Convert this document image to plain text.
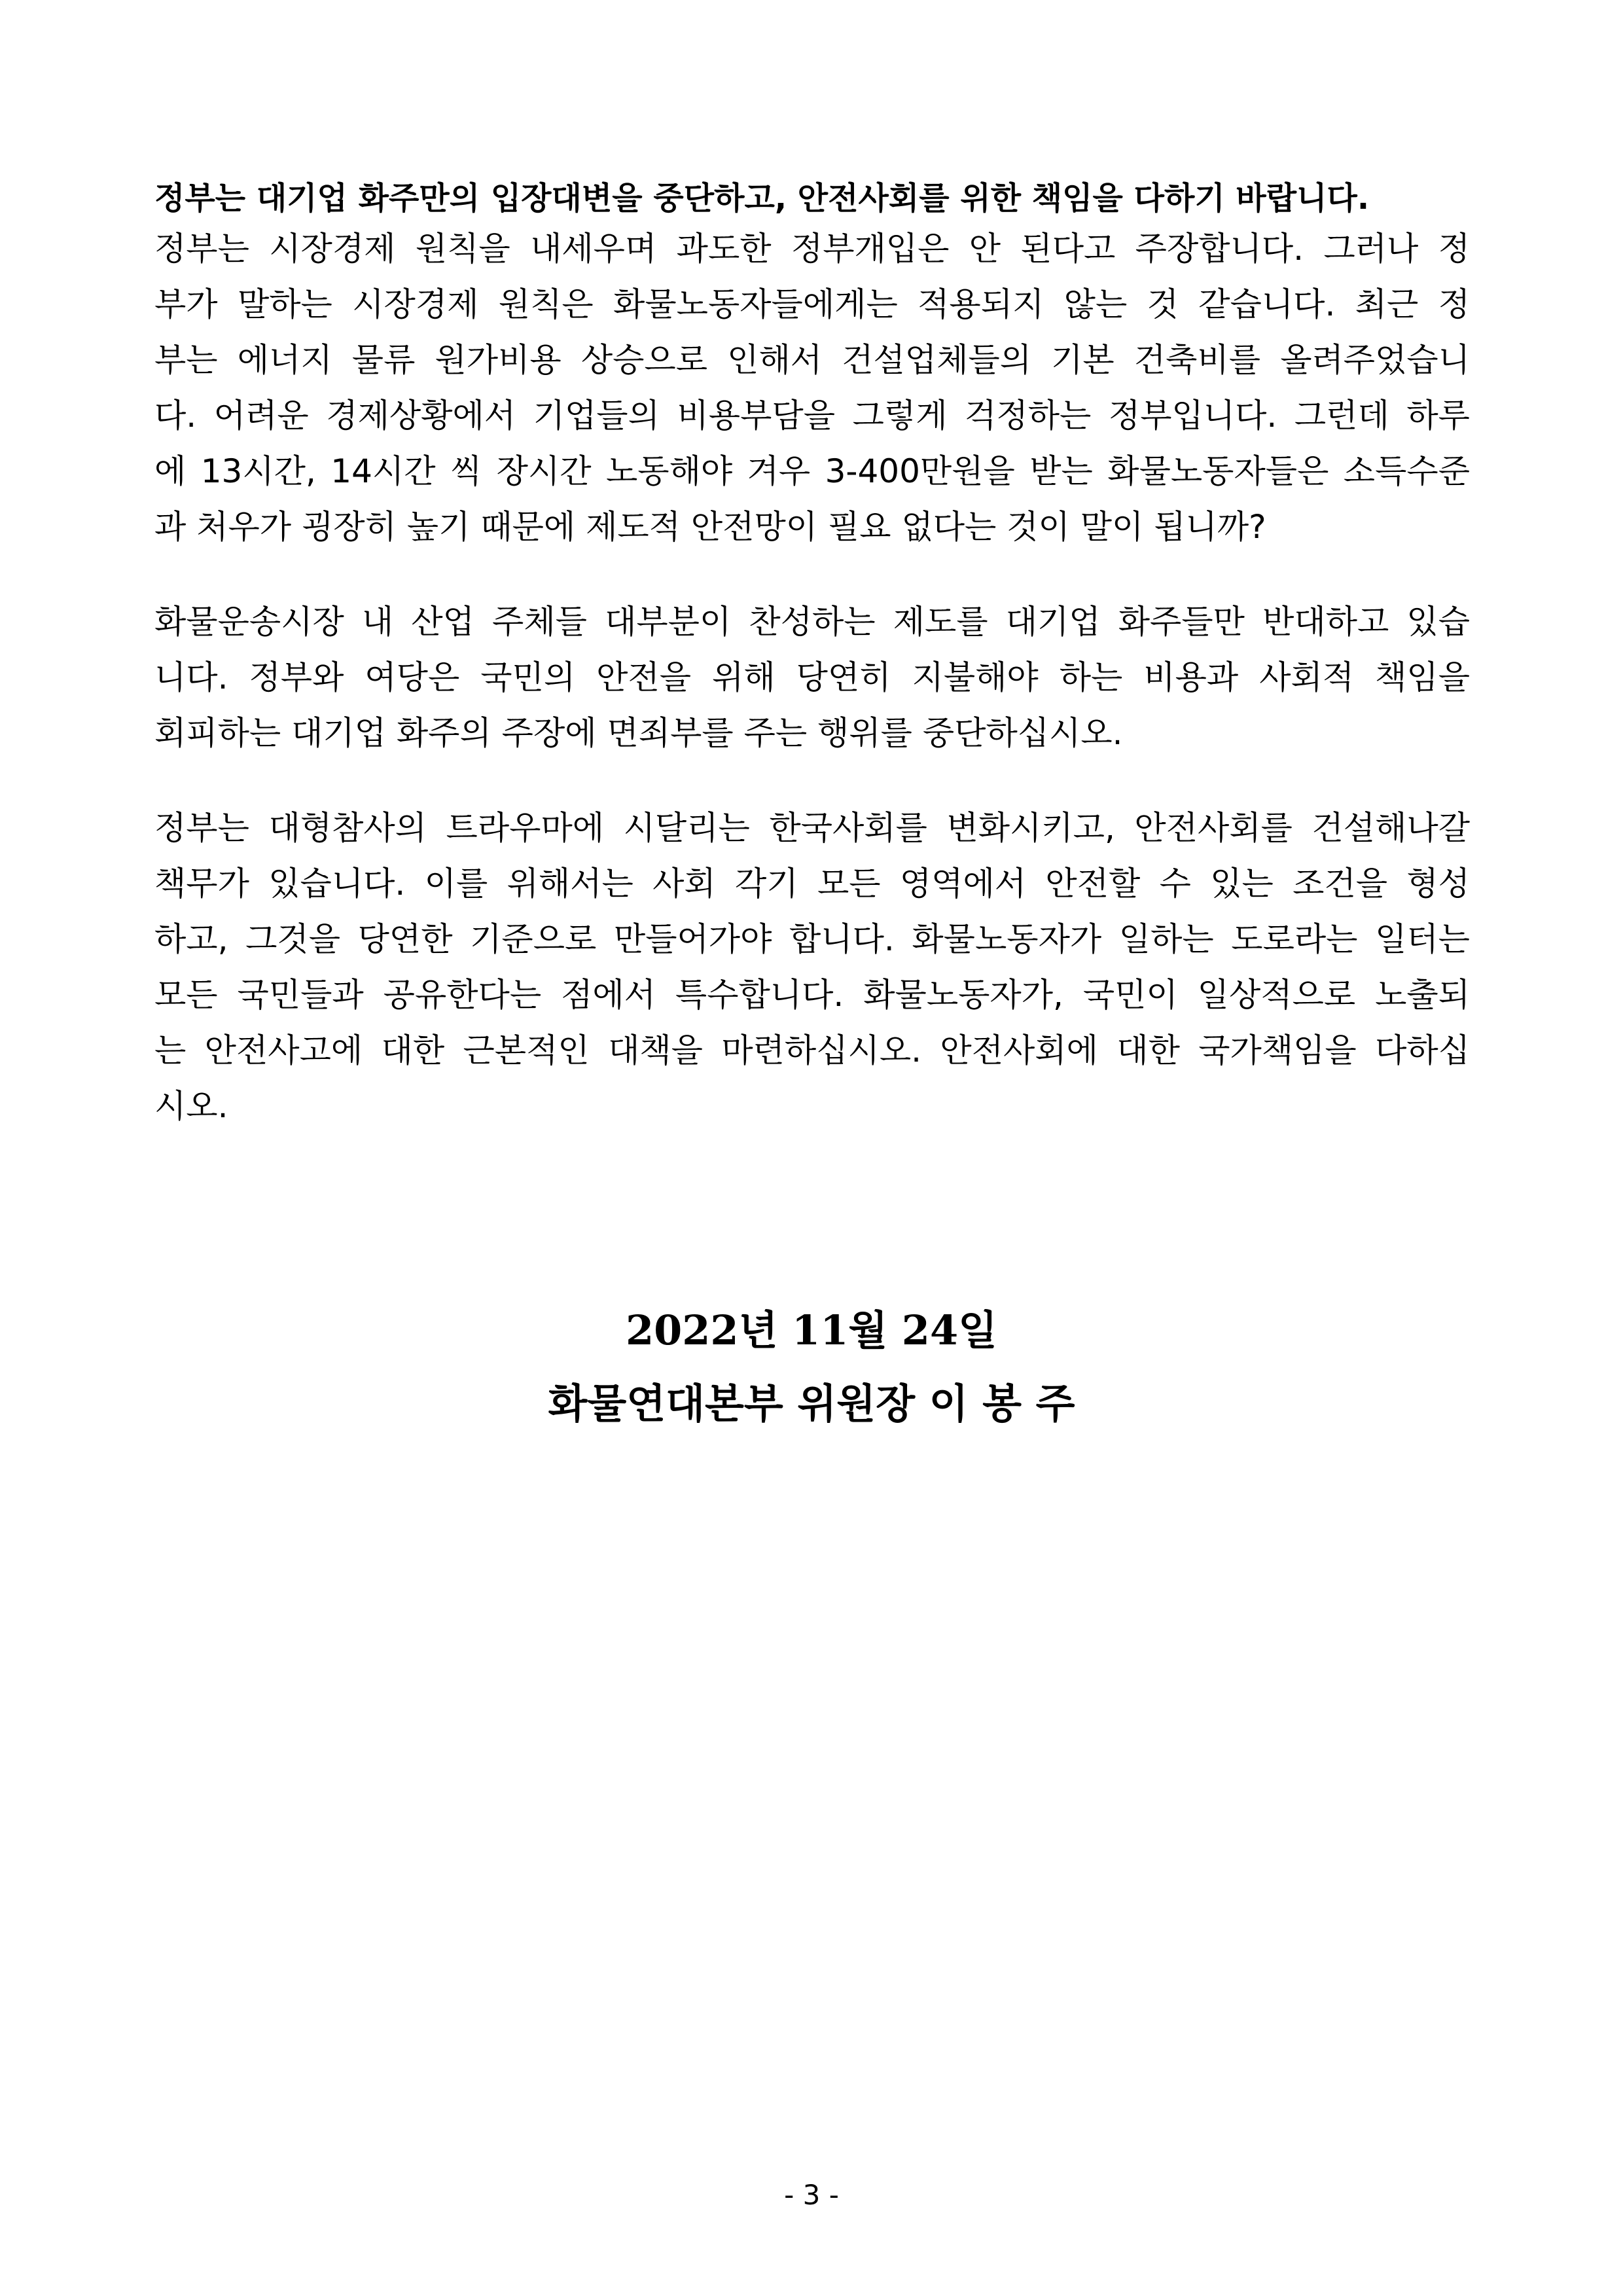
정부는 대기업 화주만의 입장대변을 중단하고, 안전사회를 위한 책임을 다하기 바랍니다.

정부는 시장경제 원칙을 내세우며 과도한 정부개입은 안 된다고 주장합니다. 그러나 정
부가 말하는 시장경제 원칙은 화물노동자들에게는 적용되지 않는 것 같습니다. 최근 정
부는 에너지 물류 원가비용 상승으로 인해서 건설업체들의 기본 건축비를 올려주었습니
다. 어려운 경제상황에서 기업들의 비용부담을 그렇게 걱정하는 정부입니다. 그런데 하루
에 13시간, 14시간 씩 장시간 노동해야 겨우 3-400만원을 받는 화물노동자들은 소득수준
과 처우가 굉장히 높기 때문에 제도적 안전망이 필요 없다는 것이 말이 됩니까?
화물운송시장 내 산업 주체들 대부분이 찬성하는 제도를 대기업 화주들만 반대하고 있습
니다. 정부와 여당은 국민의 안전을 위해 당연히 지불해야 하는 비용과 사회적 책임을
회피하는 대기업 화주의 주장에 면죄부를 주는 행위를 중단하십시오.
정부는 대형참사의 트라우마에 시달리는 한국사회를 변화시키고, 안전사회를 건설해나갈
책무가 있습니다. 이를 위해서는 사회 각기 모든 영역에서 안전할 수 있는 조건을 형성
하고, 그것을 당연한 기준으로 만들어가야 합니다. 화물노동자가 일하는 도로라는 일터는
모든 국민들과 공유한다는 점에서 특수합니다. 화물노동자가, 국민이 일상적으로 노출되
는 안전사고에 대한 근본적인 대책을 마련하십시오. 안전사회에 대한 국가책임을 다하십
시오.
2022년 11월 24일
화물연대본부 위원장 이 봉 주
- 3 -
